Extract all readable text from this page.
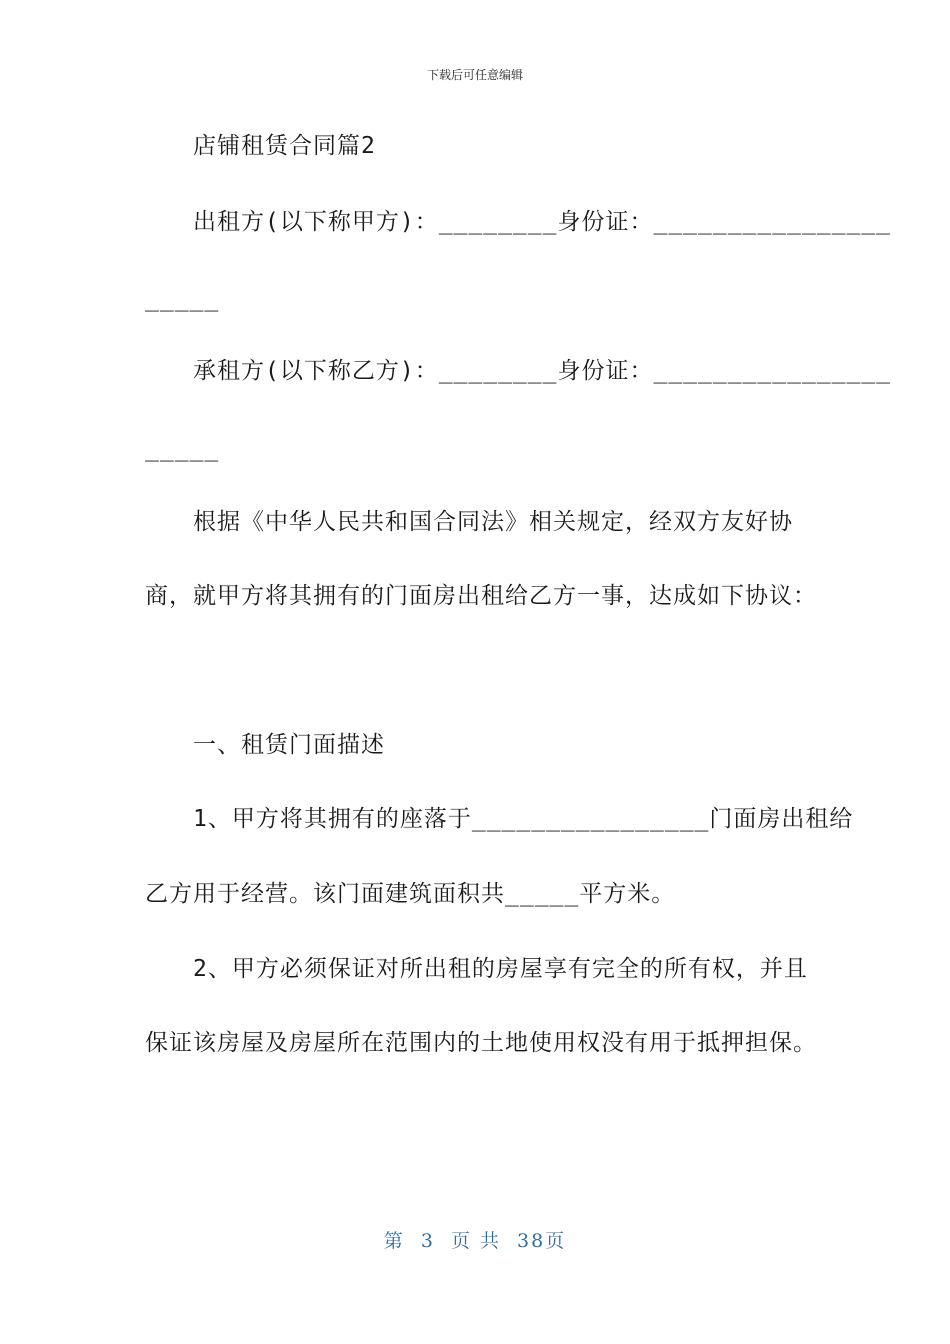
下载后可任意编辑
店铺租赁合同篇2
出租方(以下称甲方)：________身份证：________________
_____
承租方(以下称乙方)：________身份证：________________
_____
根据《中华人民共和国合同法》相关规定，经双方友好协
商，就甲方将其拥有的门面房出租给乙方一事，达成如下协议：
一、租赁门面描述
1、甲方将其拥有的座落于________________门面房出租给
乙方用于经营。该门面建筑面积共_____平方米。
2、甲方必须保证对所出租的房屋享有完全的所有权，并且
保证该房屋及房屋所在范围内的土地使用权没有用于抵押担保。
第 3 页 共 38页
